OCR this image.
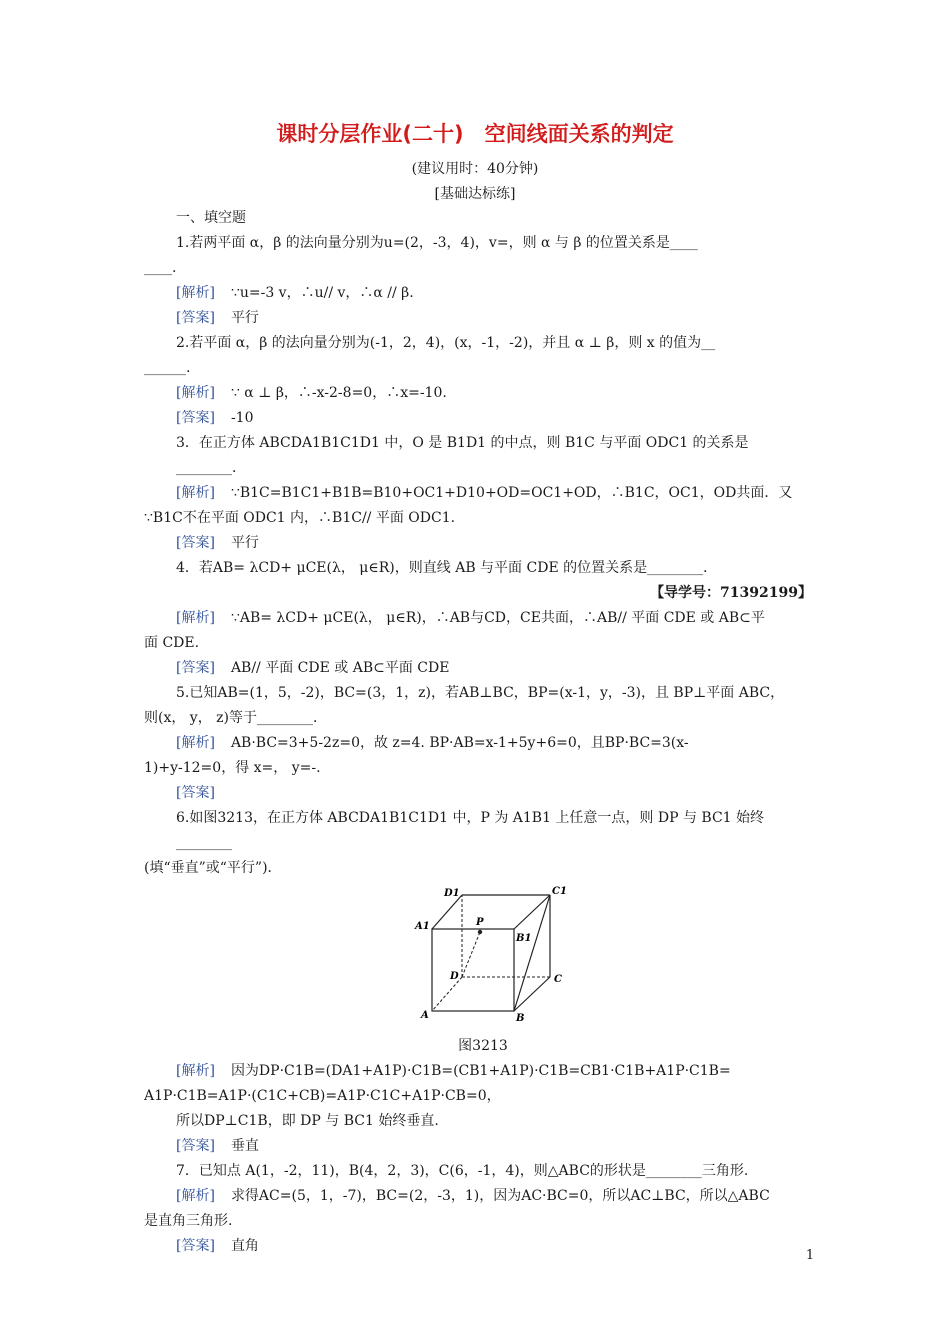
课时分层作业(二十)　空间线面关系的判定
(建议用时：40分钟)
[基础达标练]

一、填空题

1.若两平面 α，β 的法向量分别为u=(2，-3，4)，v=，则 α 与 β 的位置关系是____

____.

[解析] ∵u=-3 v，∴u// v，∴α // β.

[答案] 平行

2.若平面 α，β 的法向量分别为(-1，2，4)，(x，-1，-2)，并且 α ⊥ β，则 x 的值为__

______.

[解析] ∵ α ⊥ β，∴-x-2-8=0，∴x=-10.

[答案] -10

3．在正方体 ABCDA1B1C1D1 中，O 是 B1D1 的中点，则 B1C 与平面 ODC1 的关系是________．

[解析] ∵B1C=B1C1+B1B=B10+OC1+D10+OD=OC1+OD，∴B1C，OC1，OD共面．又

∵B1C不在平面 ODC1 内，∴B1C// 平面 ODC1.

[答案] 平行

4．若AB= λCD+ μCE(λ， μ∈R)，则直线 AB 与平面 CDE 的位置关系是________．

【导学号：71392199】

[解析] ∵AB= λCD+ μCE(λ， μ∈R)，∴AB与CD，CE共面，∴AB// 平面 CDE 或 AB⊂平

面 CDE.

[答案] AB// 平面 CDE 或 AB⊂平面 CDE

5.已知AB=(1，5，-2)，BC=(3，1，z)，若AB⊥BC，BP=(x-1，y，-3)，且 BP⊥平面 ABC，

则(x， y， z)等于________．

[解析] AB·BC=3+5-2z=0，故 z=4. BP·AB=x-1+5y+6=0，且BP·BC=3(x-

1)+y-12=0，得 x=， y=-.

[答案]

6.如图3213，在正方体 ABCDA1B1C1D1 中，P 为 A1B1 上任意一点，则 DP 与 BC1 始终________

(填“垂直”或“平行”)．

D1	C1
A1	P
B1
D	C
A	B

图3213

[解析] 因为DP·C1B=(DA1+A1P)·C1B=(CB1+A1P)·C1B=CB1·C1B+A1P·C1B=

A1P·C1B=A1P·(C1C+CB)=A1P·C1C+A1P·CB=0，

所以DP⊥C1B，即 DP 与 BC1 始终垂直.

[答案] 垂直

7．已知点 A(1，-2，11)，B(4，2，3)，C(6，-1，4)，则△ABC的形状是________三角形.

[解析] 求得AC=(5，1，-7)，BC=(2，-3，1)，因为AC·BC=0，所以AC⊥BC，所以△ABC

是直角三角形.

[答案] 直角

1
